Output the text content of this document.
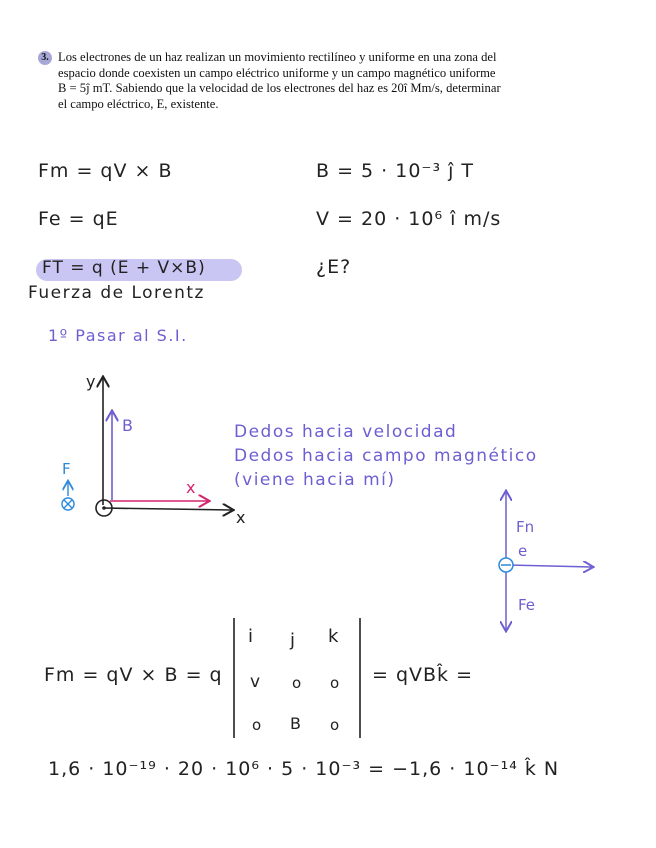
3. Los electrones de un haz realizan un movimiento rectilíneo y uniforme en una zona del
espacio donde coexisten un campo eléctrico uniforme y un campo magnético uniforme
B = 5ĵ mT. Sabiendo que la velocidad de los electrones del haz es 20î Mm/s, determinar
el campo eléctrico, E, existente.
Fm = qV × B
Fe = qE
FT = q (E + V×B)
Fuerza de Lorentz
B = 5 · 10⁻³ ĵ T
V = 20 · 10⁶ î m/s
¿E?
1º Pasar al S.I.
y
x
B
x
F
Dedos hacia velocidad
Dedos hacia campo magnético
(viene hacia mí)
Fn
e
Fe
Fm = qV × B = q
i j k
v o o
o B o
= qVBk̂ =
1,6 · 10⁻¹⁹ · 20 · 10⁶ · 5 · 10⁻³ = −1,6 · 10⁻¹⁴ k̂ N
